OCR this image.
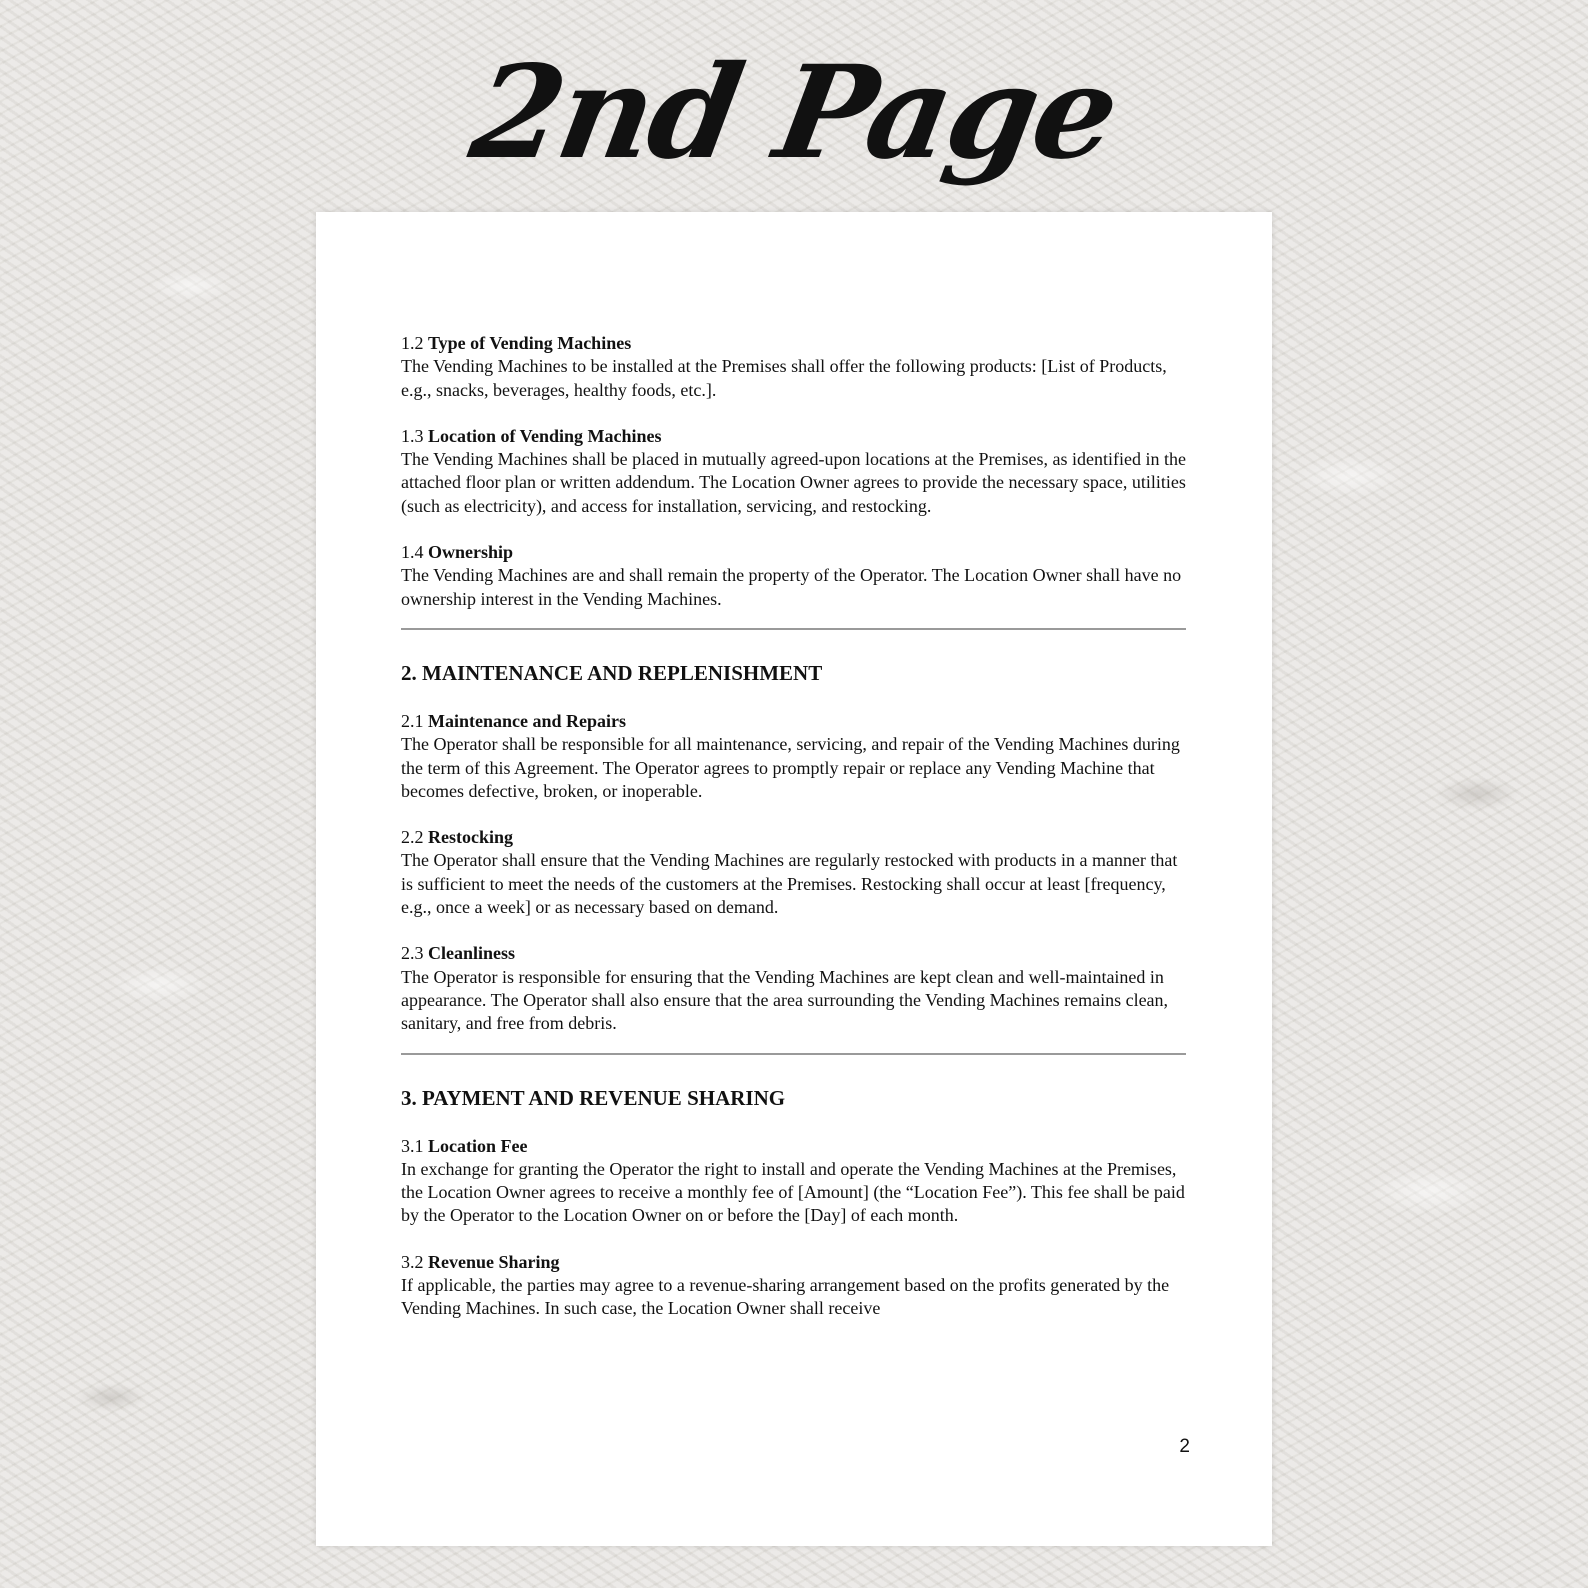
2nd Page

1.2 Type of Vending Machines

The Vending Machines to be installed at the Premises shall offer the following products: [List of Products, e.g., snacks, beverages, healthy foods, etc.].

1.3 Location of Vending Machines

The Vending Machines shall be placed in mutually agreed-upon locations at the Premises, as identified in the attached floor plan or written addendum. The Location Owner agrees to provide the necessary space, utilities (such as electricity), and access for installation, servicing, and restocking.

1.4 Ownership

The Vending Machines are and shall remain the property of the Operator. The Location Owner shall have no ownership interest in the Vending Machines.

2. MAINTENANCE AND REPLENISHMENT

2.1 Maintenance and Repairs

The Operator shall be responsible for all maintenance, servicing, and repair of the Vending Machines during the term of this Agreement. The Operator agrees to promptly repair or replace any Vending Machine that becomes defective, broken, or inoperable.

2.2 Restocking

The Operator shall ensure that the Vending Machines are regularly restocked with products in a manner that is sufficient to meet the needs of the customers at the Premises. Restocking shall occur at least [frequency, e.g., once a week] or as necessary based on demand.

2.3 Cleanliness

The Operator is responsible for ensuring that the Vending Machines are kept clean and well-maintained in appearance. The Operator shall also ensure that the area surrounding the Vending Machines remains clean, sanitary, and free from debris.

3. PAYMENT AND REVENUE SHARING

3.1 Location Fee

In exchange for granting the Operator the right to install and operate the Vending Machines at the Premises, the Location Owner agrees to receive a monthly fee of [Amount] (the “Location Fee”). This fee shall be paid by the Operator to the Location Owner on or before the [Day] of each month.

3.2 Revenue Sharing

If applicable, the parties may agree to a revenue-sharing arrangement based on the profits generated by the Vending Machines. In such case, the Location Owner shall receive

2
